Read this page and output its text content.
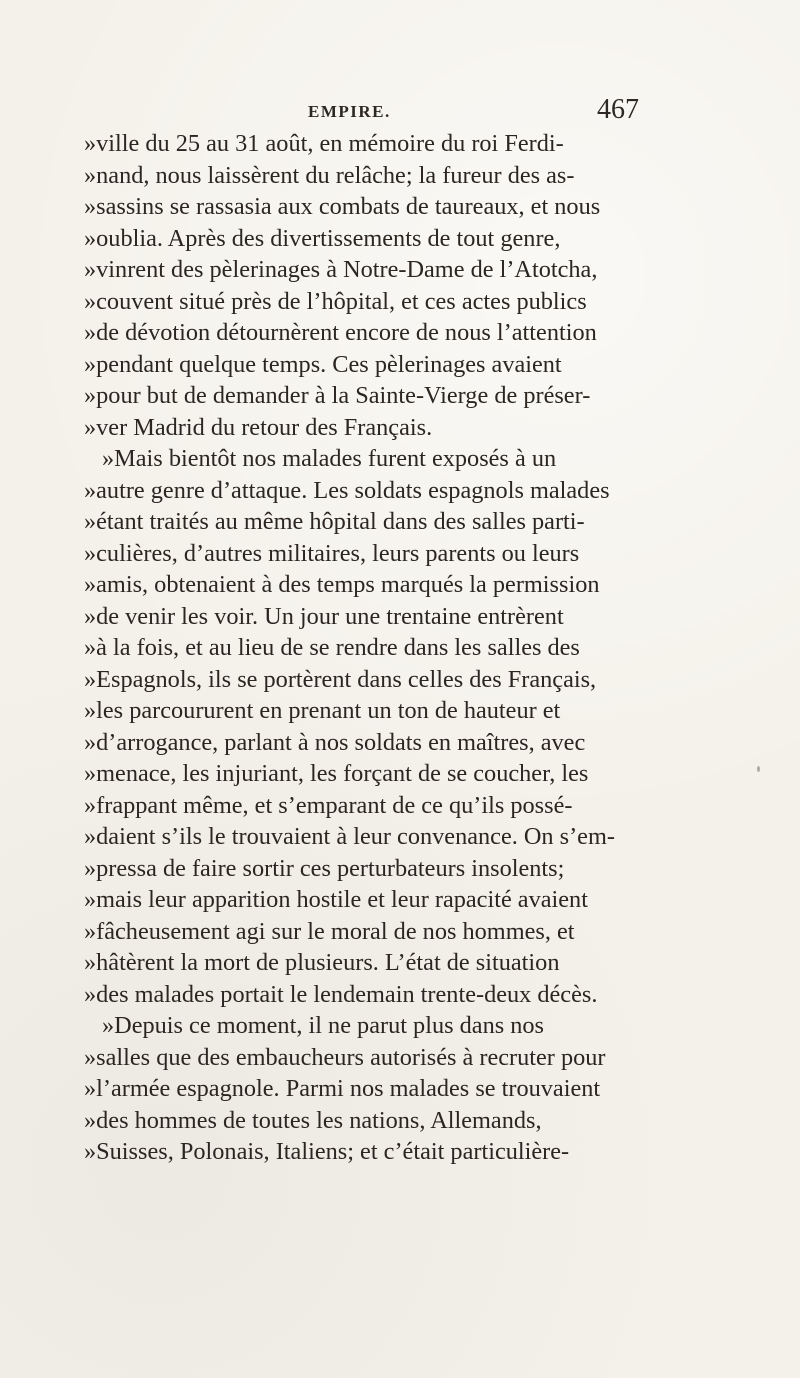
EMPIRE.	467
»ville du 25 au 31 août, en mémoire du roi Ferdi-
»nand, nous laissèrent du relâche; la fureur des as-
»sassins se rassasia aux combats de taureaux, et nous
»oublia. Après des divertissements de tout genre,
»vinrent des pèlerinages à Notre-Dame de l’Atotcha,
»couvent situé près de l’hôpital, et ces actes publics
»de dévotion détournèrent encore de nous l’attention
»pendant quelque temps. Ces pèlerinages avaient
»pour but de demander à la Sainte-Vierge de préser-
»ver Madrid du retour des Français.
»Mais bientôt nos malades furent exposés à un
»autre genre d’attaque. Les soldats espagnols malades
»étant traités au même hôpital dans des salles parti-
»culières, d’autres militaires, leurs parents ou leurs
»amis, obtenaient à des temps marqués la permission
»de venir les voir. Un jour une trentaine entrèrent
»à la fois, et au lieu de se rendre dans les salles des
»Espagnols, ils se portèrent dans celles des Français,
»les parcoururent en prenant un ton de hauteur et
»d’arrogance, parlant à nos soldats en maîtres, avec
»menace, les injuriant, les forçant de se coucher, les
»frappant même, et s’emparant de ce qu’ils possé-
»daient s’ils le trouvaient à leur convenance. On s’em-
»pressa de faire sortir ces perturbateurs insolents;
»mais leur apparition hostile et leur rapacité avaient
»fâcheusement agi sur le moral de nos hommes, et
»hâtèrent la mort de plusieurs. L’état de situation
»des malades portait le lendemain trente-deux décès.
»Depuis ce moment, il ne parut plus dans nos
»salles que des embaucheurs autorisés à recruter pour
»l’armée espagnole. Parmi nos malades se trouvaient
»des hommes de toutes les nations, Allemands,
»Suisses, Polonais, Italiens; et c’était particulière-
